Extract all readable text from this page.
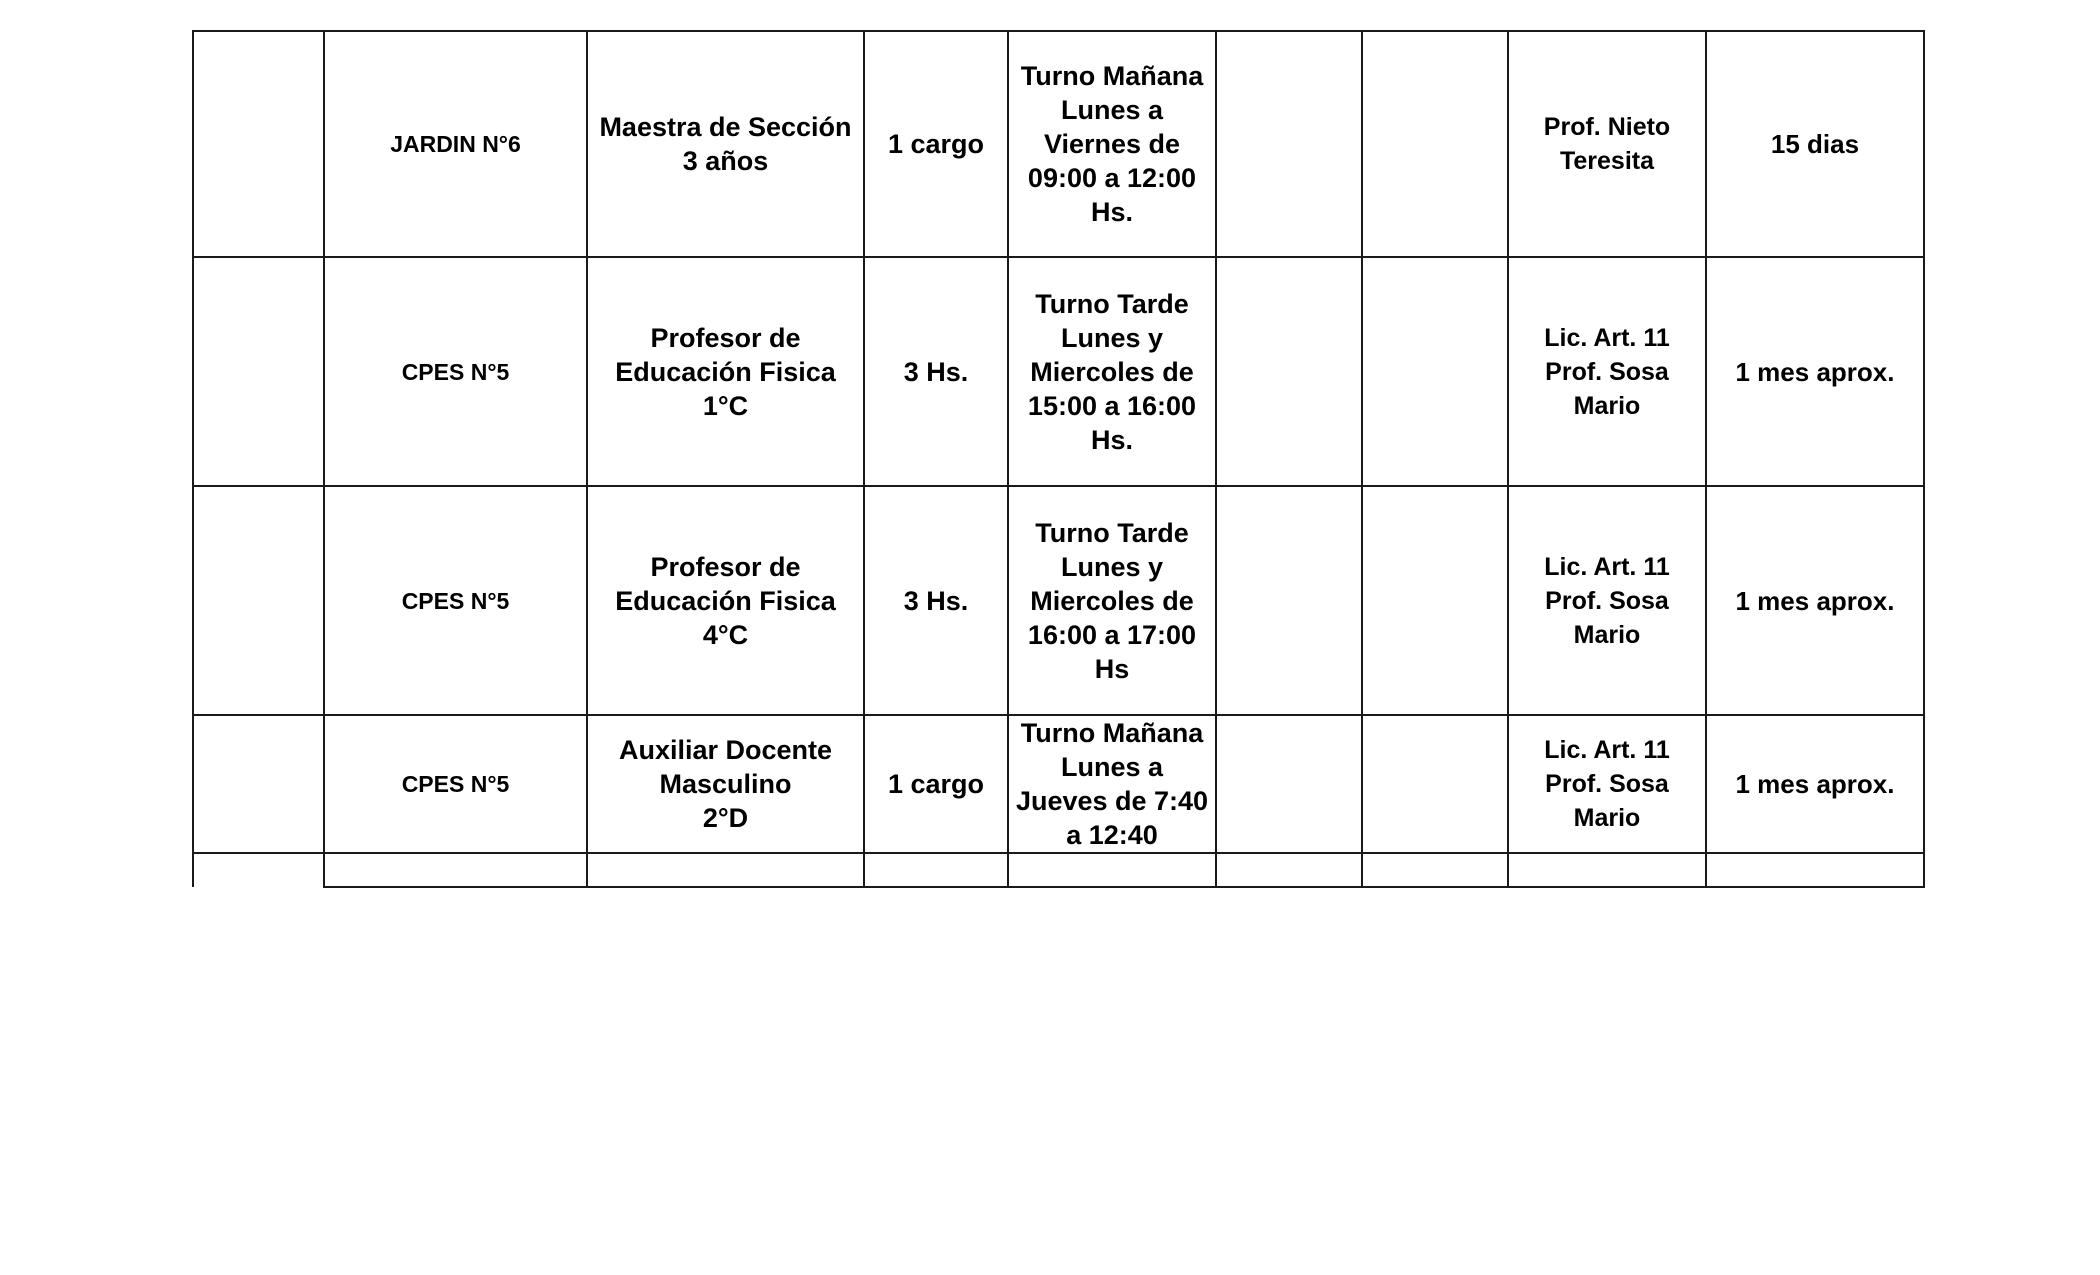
	JARDIN N°6	Maestra de Sección
3 años	1 cargo	Turno Mañana
Lunes a
Viernes de
09:00 a 12:00
Hs.			Prof. Nieto
Teresita	15 dias
	CPES N°5	Profesor de
Educación Fisica
1°C	3 Hs.	Turno Tarde
Lunes y
Miercoles de
15:00 a 16:00
Hs.			Lic. Art. 11
Prof. Sosa
Mario	1 mes aprox.
	CPES N°5	Profesor de
Educación Fisica
4°C	3 Hs.	Turno Tarde
Lunes y
Miercoles de
16:00 a 17:00
Hs			Lic. Art. 11
Prof. Sosa
Mario	1 mes aprox.
	CPES N°5	Auxiliar Docente
Masculino
2°D	1 cargo	Turno Mañana
Lunes a
Jueves de 7:40
a 12:40			Lic. Art. 11
Prof. Sosa
Mario	1 mes aprox.
